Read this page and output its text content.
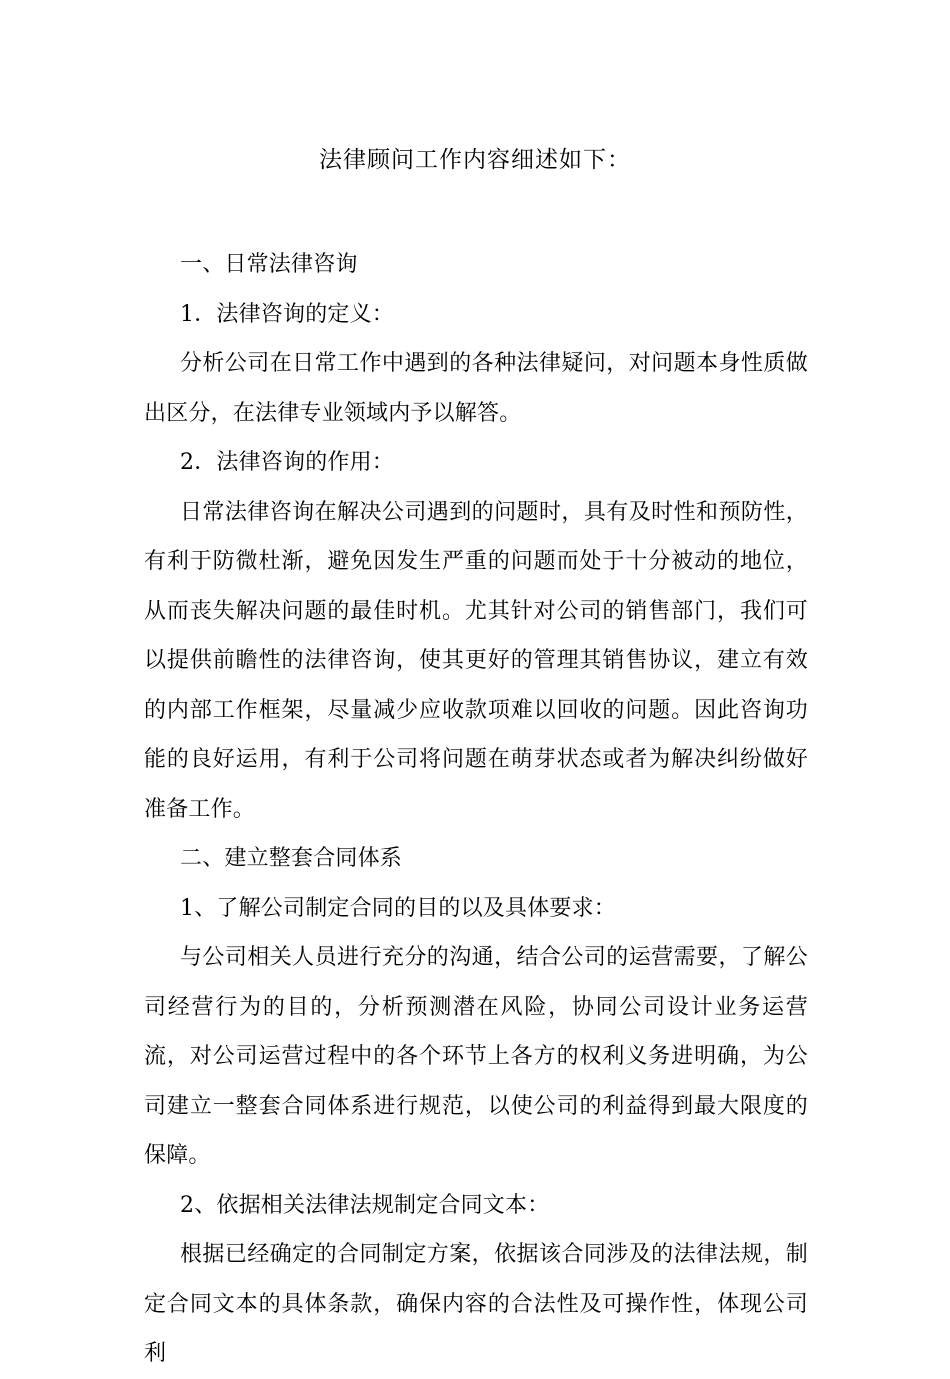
法律顾问工作内容细述如下：

一、日常法律咨询

1．法律咨询的定义：

分析公司在日常工作中遇到的各种法律疑问，对问题本身性质做出区分，在法律专业领域内予以解答。

2．法律咨询的作用：

日常法律咨询在解决公司遇到的问题时，具有及时性和预防性，有利于防微杜渐，避免因发生严重的问题而处于十分被动的地位，从而丧失解决问题的最佳时机。尤其针对公司的销售部门，我们可以提供前瞻性的法律咨询，使其更好的管理其销售协议，建立有效的内部工作框架，尽量减少应收款项难以回收的问题。因此咨询功能的良好运用，有利于公司将问题在萌芽状态或者为解决纠纷做好准备工作。

二、建立整套合同体系

1、了解公司制定合同的目的以及具体要求：

与公司相关人员进行充分的沟通，结合公司的运营需要，了解公司经营行为的目的，分析预测潜在风险，协同公司设计业务运营流，对公司运营过程中的各个环节上各方的权利义务进明确，为公司建立一整套合同体系进行规范，以使公司的利益得到最大限度的保障。

2、依据相关法律法规制定合同文本：

根据已经确定的合同制定方案，依据该合同涉及的法律法规，制定合同文本的具体条款，确保内容的合法性及可操作性，体现公司利
